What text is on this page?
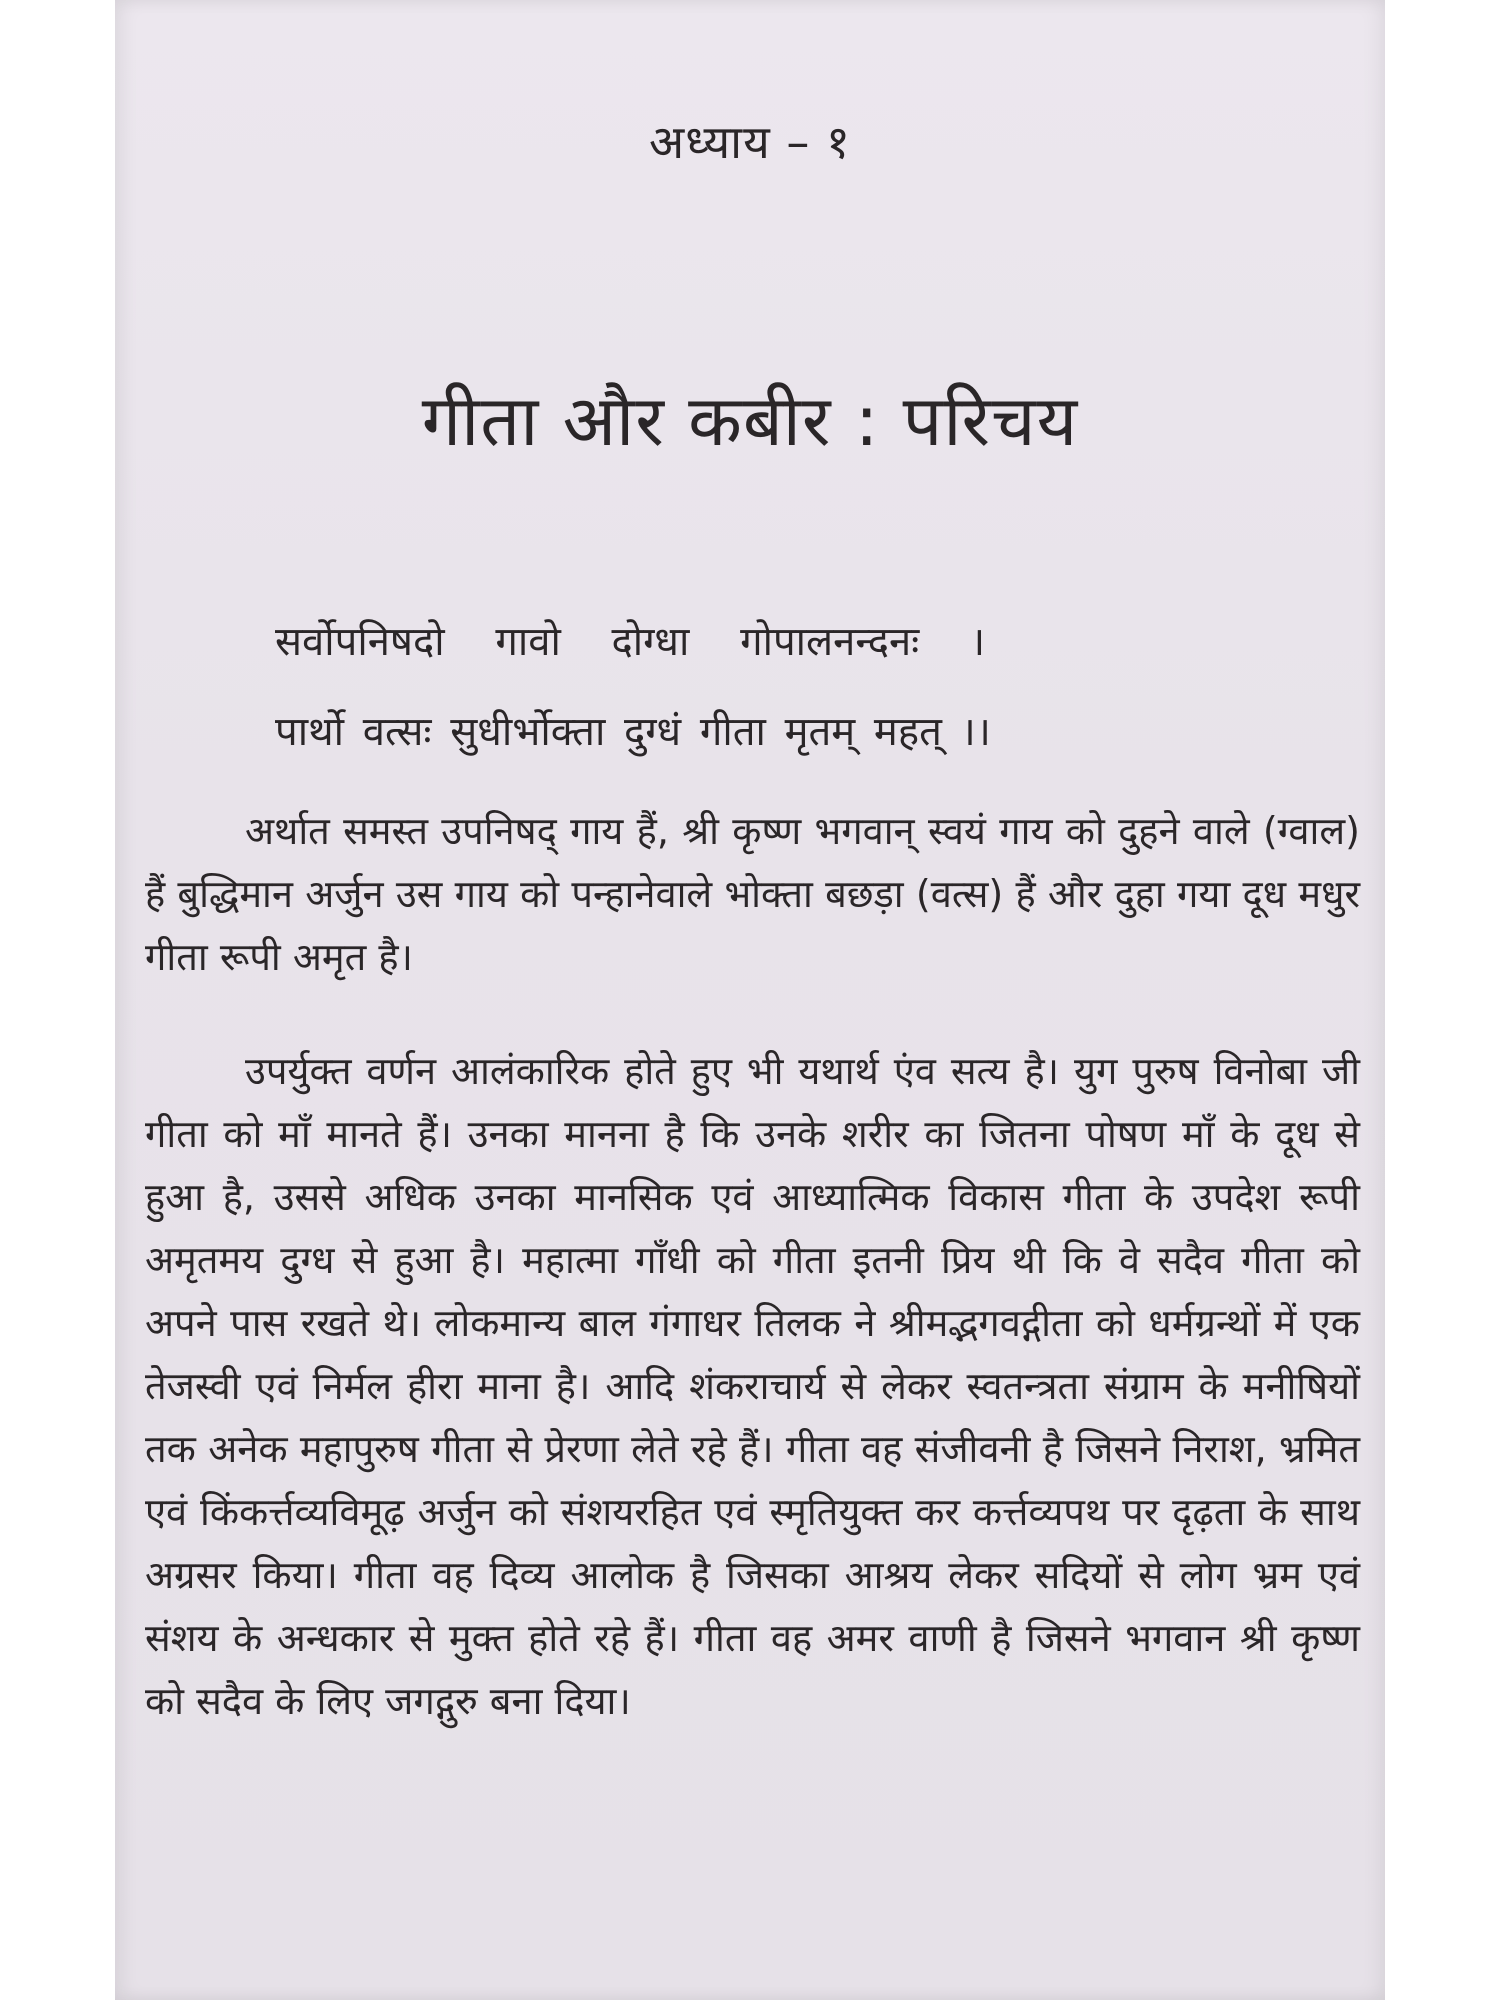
अध्याय – १
गीता और कबीर : परिचय
सर्वोपनिषदो गावो दोग्धा गोपालनन्दनः ।
पार्थो वत्सः सुधीर्भोक्ता दुग्धं गीता मृतम् महत् ।।

अर्थात समस्त उपनिषद् गाय हैं, श्री कृष्ण भगवान् स्वयं गाय को दुहने वाले (ग्वाल) हैं बुद्धिमान अर्जुन उस गाय को पन्हानेवाले भोक्ता बछड़ा (वत्स) हैं और दुहा गया दूध मधुर गीता रूपी अमृत है।

उपर्युक्त वर्णन आलंकारिक होते हुए भी यथार्थ एंव सत्य है। युग पुरुष विनोबा जी गीता को माँ मानते हैं। उनका मानना है कि उनके शरीर का जितना पोषण माँ के दूध से हुआ है, उससे अधिक उनका मानसिक एवं आध्यात्मिक विकास गीता के उपदेश रूपी अमृतमय दुग्ध से हुआ है। महात्मा गाँधी को गीता इतनी प्रिय थी कि वे सदैव गीता को अपने पास रखते थे। लोकमान्य बाल गंगाधर तिलक ने श्रीमद्भगवद्गीता को धर्मग्रन्थों में एक तेजस्वी एवं निर्मल हीरा माना है। आदि शंकराचार्य से लेकर स्वतन्त्रता संग्राम के मनीषियों तक अनेक महापुरुष गीता से प्रेरणा लेते रहे हैं। गीता वह संजीवनी है जिसने निराश, भ्रमित एवं किंकर्त्तव्यविमूढ़ अर्जुन को संशयरहित एवं स्मृतियुक्त कर कर्त्तव्यपथ पर दृढ़ता के साथ अग्रसर किया। गीता वह दिव्य आलोक है जिसका आश्रय लेकर सदियों से लोग भ्रम एवं संशय के अन्धकार से मुक्त होते रहे हैं। गीता वह अमर वाणी है जिसने भगवान श्री कृष्ण को सदैव के लिए जगद्गुरु बना दिया।
